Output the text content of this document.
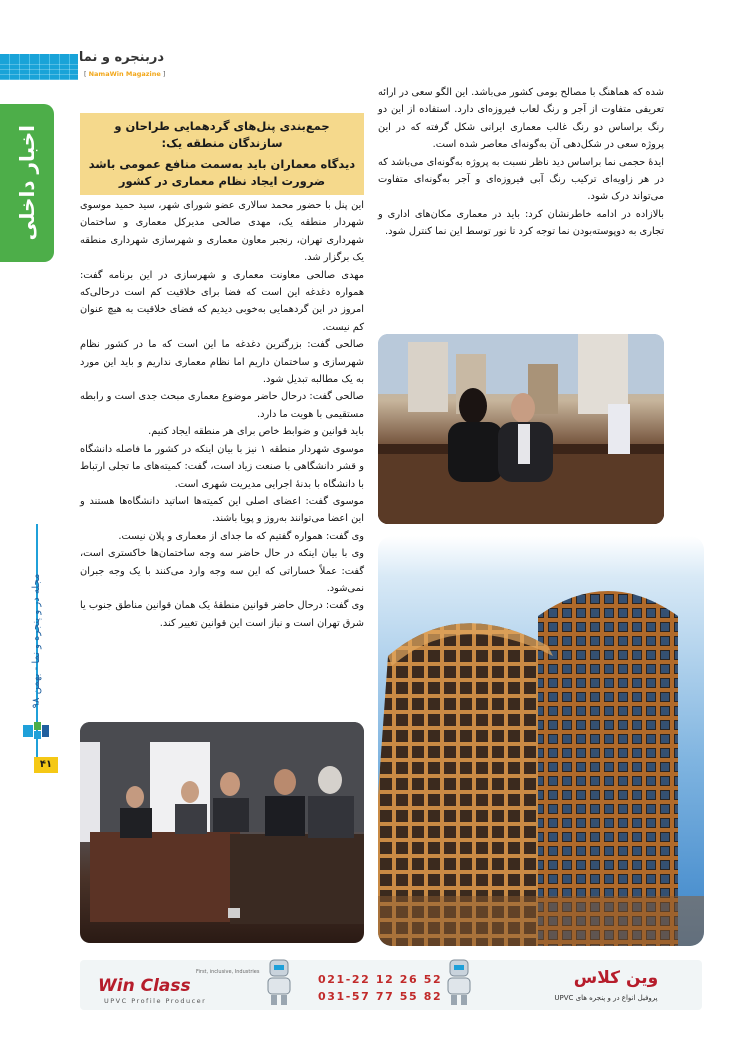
دربنجره و نما
[ NamaWin Magazine ]
اخبار داخلی
مجله در و پنجره و نما - بهمن ۹۸
۴۱
جمع‌بندی پنل‌های گردهمایی طراحان و سازندگان منطقه یک:
دیدگاه معماران باید به‌سمت منافع عمومی باشد ضرورت ایجاد نظام معماری در کشور
این پنل با حضور محمد سالاری عضو شورای شهر، سید حمید موسوی شهردار منطقه یک، مهدی صالحی مدیرکل معماری و ساختمان شهرداری تهران، رنجبر معاون معماری و شهرسازی شهرداری منطقه یک برگزار شد.
مهدی صالحی معاونت معماری و شهرسازی در این برنامه گفت: همواره دغدغه این است که فضا برای خلاقیت کم است درحالی‌که امروز در این گردهمایی به‌خوبی دیدیم که فضای خلاقیت به هیچ عنوان کم نیست.
صالحی گفت: بزرگترین دغدغه ما این است که ما در کشور نظام شهرسازی و ساختمان داریم اما نظام معماری نداریم و باید این مورد به یک مطالبه تبدیل شود.
صالحی گفت: درحال حاضر موضوع معماری مبحث جدی است و رابطه مستقیمی با هویت ما دارد.
باید قوانین و ضوابط خاص برای هر منطقه ایجاد کنیم.
موسوی شهردار منطقه ۱ نیز با بیان اینکه در کشور ما فاصله دانشگاه و قشر دانشگاهی با صنعت زیاد است، گفت: کمیته‌های ما تجلی ارتباط با دانشگاه با بدنهٔ اجرایی مدیریت شهری است.
موسوی گفت: اعضای اصلی این کمیته‌ها اساتید دانشگاه‌ها هستند و این اعضا می‌توانند به‌روز و پویا باشند.
وی گفت: همواره گفتیم که ما جدای از معماری و پلان نیست.
وی با بیان اینکه در حال حاضر سه وجه ساختمان‌ها خاکستری است، گفت: عملاً خساراتی که این سه وجه وارد می‌کنند با یک وجه جبران نمی‌شود.
وی گفت: درحال حاضر قوانین منطقهٔ یک همان قوانین مناطق جنوب یا شرق تهران است و نیاز است این قوانین تغییر کند.
شده که هماهنگ با مصالح بومی کشور می‌باشد. این الگو سعی در ارائه تعریفی متفاوت از آجر و رنگ لعاب فیروزه‌ای دارد. استفاده از این دو رنگ براساس دو رنگ غالب معماری ایرانی شکل گرفته که در این پروژه سعی در شکل‌دهی آن به‌گونه‌ای معاصر شده است.
ایدهٔ حجمی نما براساس دید ناظر نسبت به پروژه به‌گونه‌ای می‌باشد که در هر زاویه‌ای ترکیب رنگ آبی فیروزه‌ای و آجر به‌گونه‌ای متفاوت می‌تواند درک شود.
بالازاده در ادامه خاطرنشان کرد: باید در معماری مکان‌های اداری و تجاری به دوپوسته‌بودن نما توجه کرد تا نور توسط این نما کنترل شود.
First, inclusive, Industries
Win Class
UPVC Profile Producer
021-22 12 26 52
031-57 77 55 82
وین کلاس
پروفیل انواع در و پنجره های UPVC
